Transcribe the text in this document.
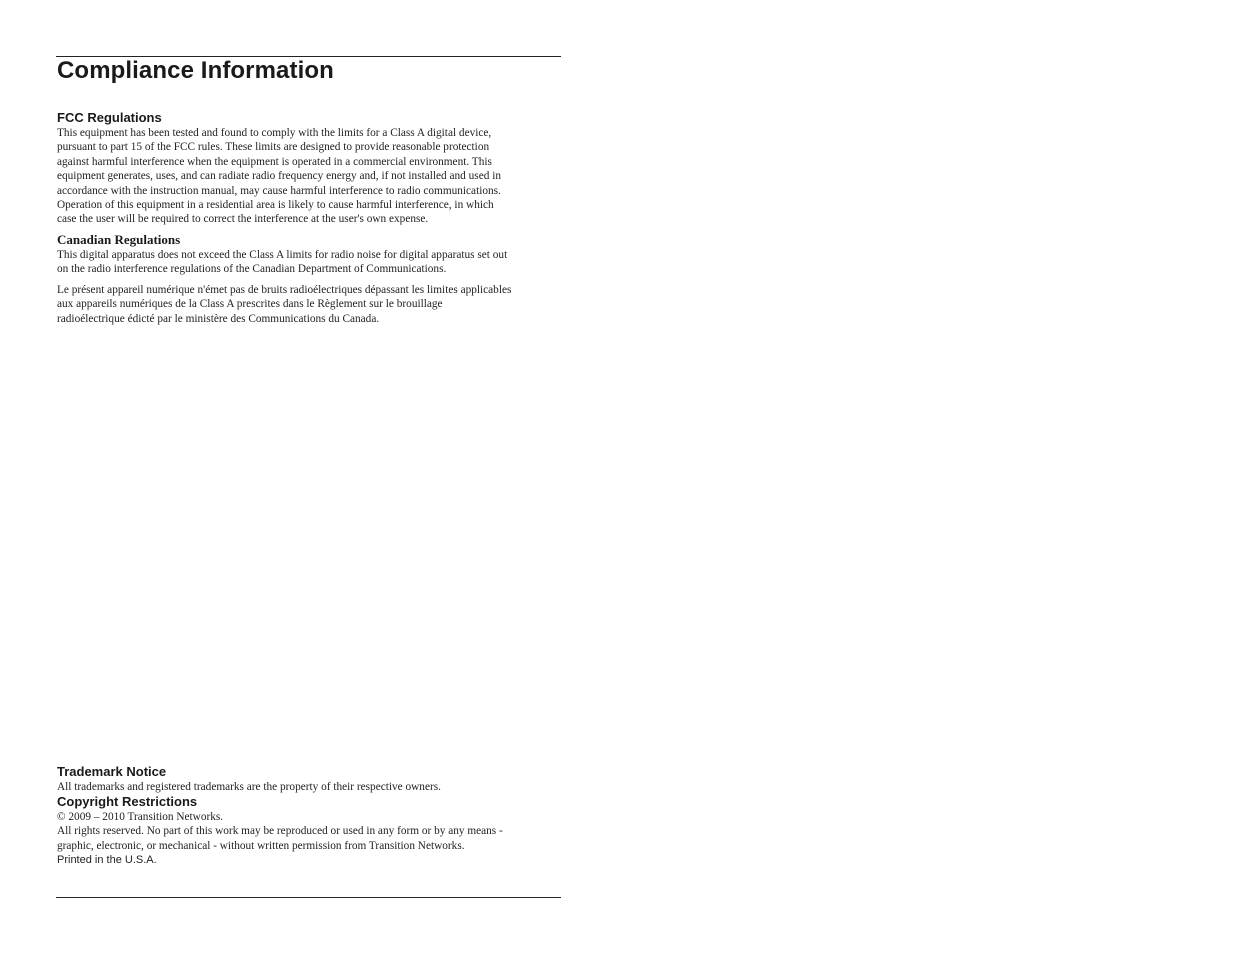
Compliance Information
FCC Regulations
This equipment has been tested and found to comply with the limits for a Class A digital device,
pursuant to part 15 of the FCC rules. These limits are designed to provide reasonable protection
against harmful interference when the equipment is operated in a commercial environment. This
equipment generates, uses, and can radiate radio frequency energy and, if not installed and used in
accordance with the instruction manual, may cause harmful interference to radio communications.
Operation of this equipment in a residential area is likely to cause harmful interference, in which
case the user will be required to correct the interference at the user's own expense.
Canadian Regulations
This digital apparatus does not exceed the Class A limits for radio noise for digital apparatus set out
on the radio interference regulations of the Canadian Department of Communications.
Le présent appareil numérique n'émet pas de bruits radioélectriques dépassant les limites applicables
aux appareils numériques de la Class A prescrites dans le Règlement sur le brouillage
radioélectrique édicté par le ministère des Communications du Canada.
Trademark Notice
All trademarks and registered trademarks are the property of their respective owners.
Copyright Restrictions
© 2009 – 2010 Transition Networks.
All rights reserved. No part of this work may be reproduced or used in any form or by any means -
graphic, electronic, or mechanical - without written permission from Transition Networks.
Printed in the U.S.A.
